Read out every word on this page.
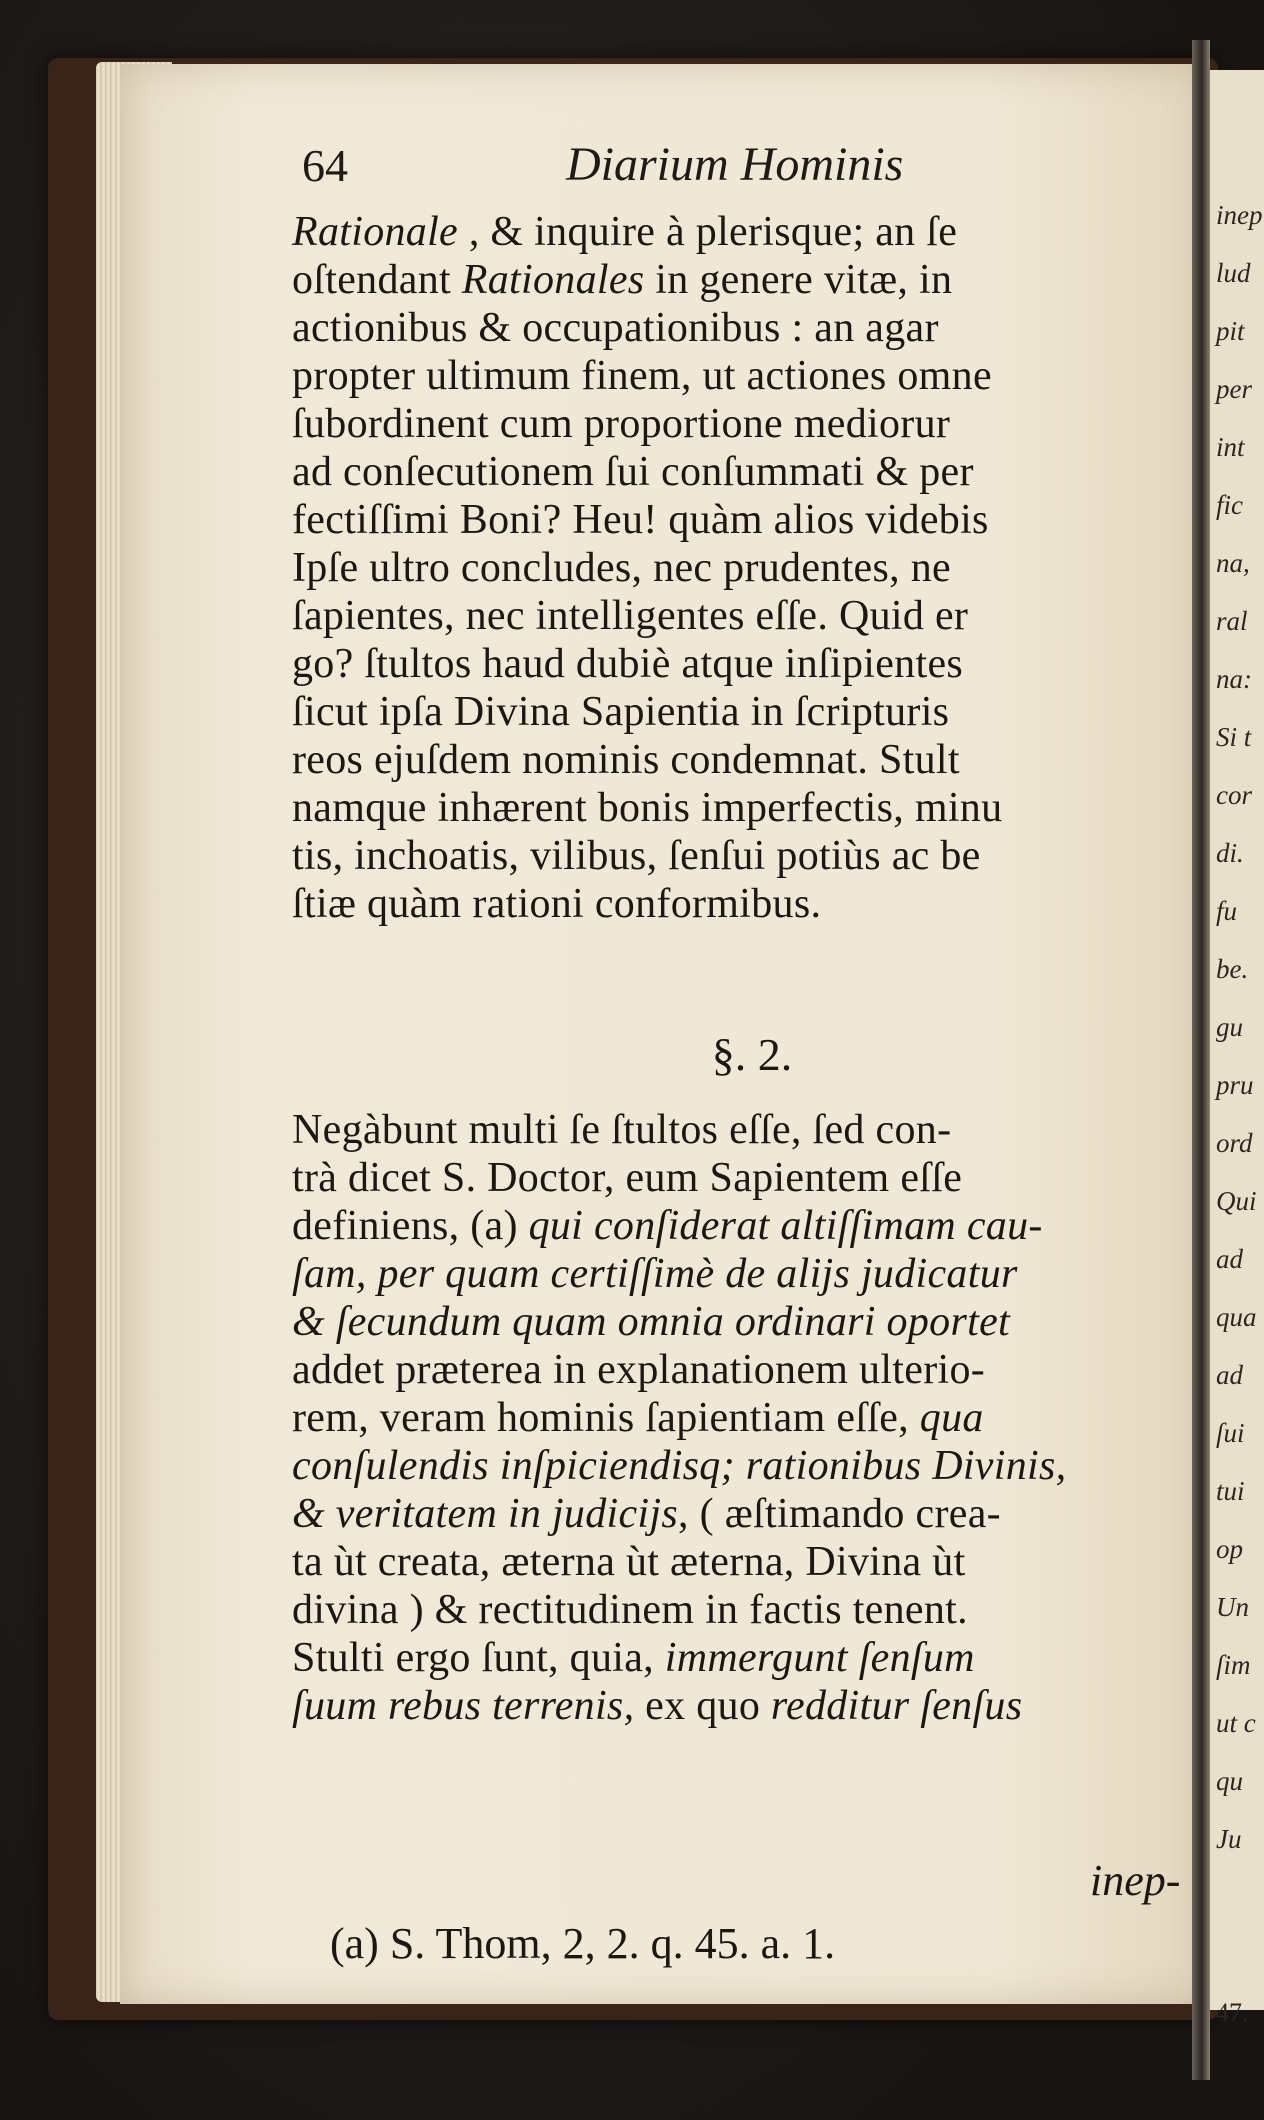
inep
lud
pit
per
int
fic
na,
ral
na:
Si t
cor
di.
fu
be.
gu
pru
ord
Qui
ad
qua
ad
ſui
tui
op
Un
ſim
ut c
qu
Ju
47.
64	Diarium Hominis
Rationale , & inquire à plerisque; an ſe
oſtendant Rationales in genere vitæ, in
actionibus & occupationibus : an agar
propter ultimum finem, ut actiones omne
ſubordinent cum proportione mediorur
ad conſecutionem ſui conſummati & per
fectiſſimi Boni? Heu! quàm alios videbis
Ipſe ultro concludes, nec prudentes, ne
ſapientes, nec intelligentes eſſe. Quid er
go? ſtultos haud dubiè atque inſipientes
ſicut ipſa Divina Sapientia in ſcripturis
reos ejuſdem nominis condemnat. Stult
namque inhærent bonis imperfectis, minu
tis, inchoatis, vilibus, ſenſui potiùs ac be
ſtiæ quàm rationi conformibus.
§. 2.
Negàbunt multi ſe ſtultos eſſe, ſed con-
trà dicet S. Doctor, eum Sapientem eſſe
definiens, (a) qui conſiderat altiſſimam cau-
ſam, per quam certiſſimè de alijs judicatur
& ſecundum quam omnia ordinari oportet
addet præterea in explanationem ulterio-
rem, veram hominis ſapientiam eſſe, qua
conſulendis inſpiciendisq; rationibus Divinis,
& veritatem in judicijs, ( æſtimando crea-
ta ùt creata, æterna ùt æterna, Divina ùt
divina ) & rectitudinem in factis tenent.
Stulti ergo ſunt, quia, immergunt ſenſum
ſuum rebus terrenis, ex quo redditur ſenſus
inep-
(a) S. Thom, 2, 2. q. 45. a. 1.
